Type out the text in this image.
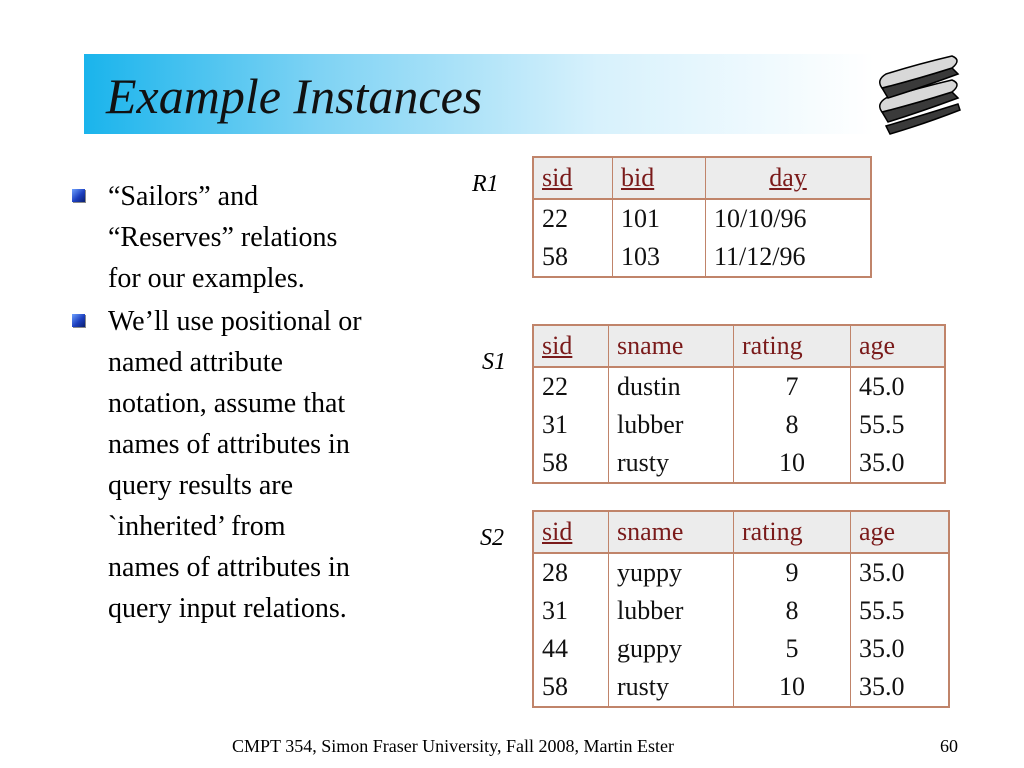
Example Instances
“Sailors” and
“Reserves” relations
for our examples.
We’ll use positional or
named attribute
notation, assume that
names of attributes in
query results are
`inherited’ from
names of attributes in
query input relations.
R1 sid	bid	day
22	101	10/10/96
58	103	11/12/96
S1
sid	sname	rating	age
22	dustin	7	45.0
31	lubber	8	55.5
58	rusty	10	35.0
S2 sid	sname	rating	age
28	yuppy	9	35.0
31	lubber	8	55.5
44	guppy	5	35.0
58	rusty	10	35.0
CMPT 354, Simon Fraser University, Fall 2008, Martin Ester	60
